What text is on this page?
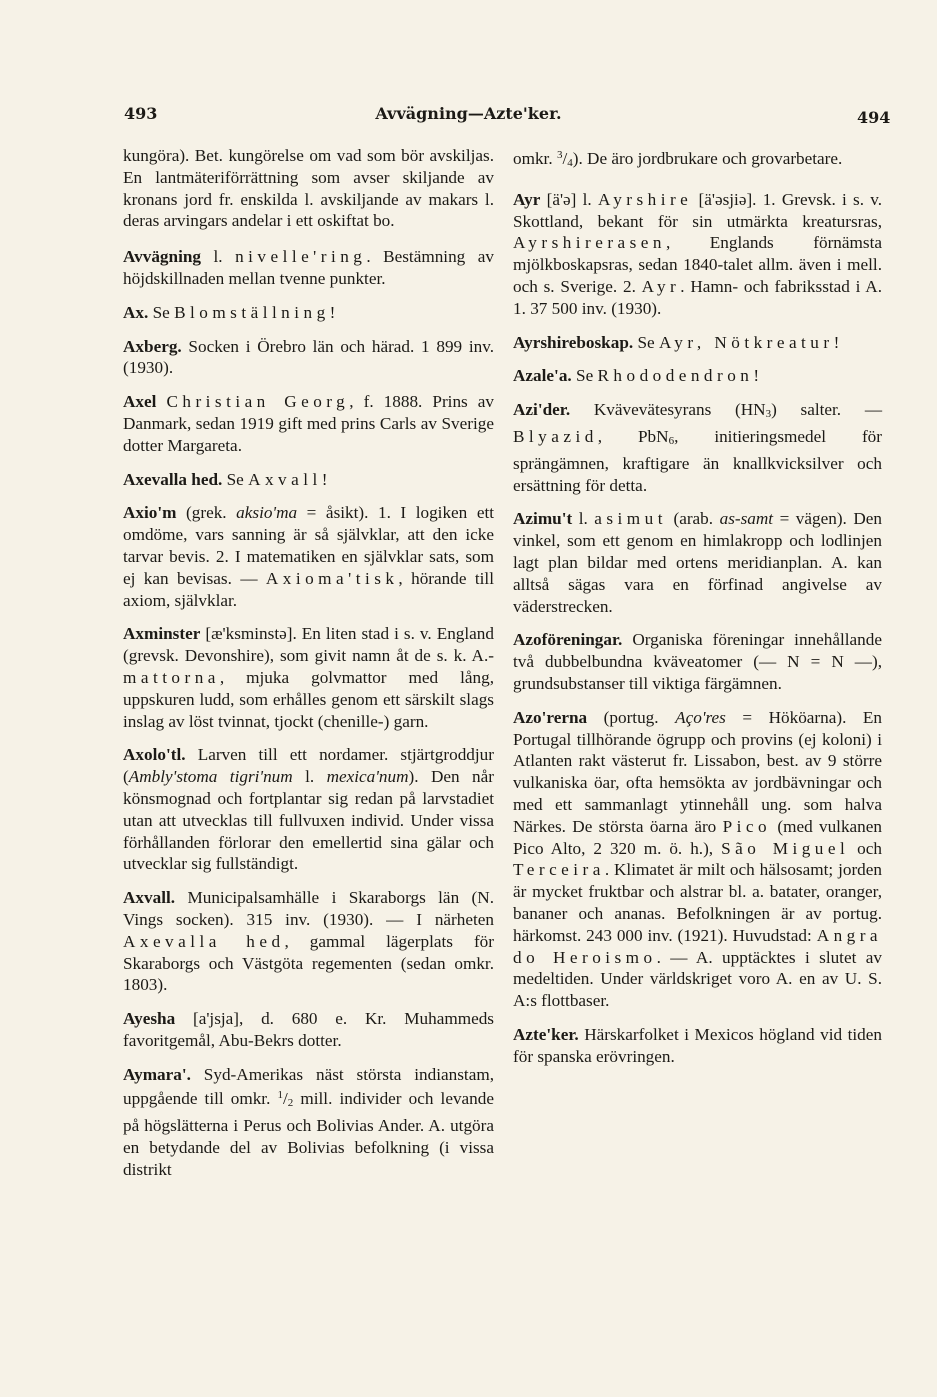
493	Avvägning—Azte'ker.	494

kungöra). Bet. kungörelse om vad som bör avskiljas. En lantmäteriförrättning som avser skiljande av kronans jord fr. enskilda l. avskiljande av makars l. deras arvingars andelar i ett oskiftat bo.

Avvägning l. nivelle'ring. Bestämning av höjdskillnaden mellan tvenne punkter.

Ax. Se Blomställning!

Axberg. Socken i Örebro län och härad. 1 899 inv. (1930).

Axel Christian Georg, f. 1888. Prins av Danmark, sedan 1919 gift med prins Carls av Sverige dotter Margareta.

Axevalla hed. Se Axvall!

Axio'm (grek. aksio'ma = åsikt). 1. I logiken ett omdöme, vars sanning är så självklar, att den icke tarvar bevis. 2. I matematiken en självklar sats, som ej kan bevisas. — Axioma'tisk, hörande till axiom, självklar.

Axminster [æ'ksminstə]. En liten stad i s. v. England (grevsk. Devonshire), som givit namn åt de s. k. A.-mattorna, mjuka golvmattor med lång, uppskuren ludd, som erhålles genom ett särskilt slags inslag av löst tvinnat, tjockt (chenille-) garn.

Axolo'tl. Larven till ett nordamer. stjärtgroddjur (Ambly'stoma tigri'num l. mexica'num). Den når könsmognad och fortplantar sig redan på larvstadiet utan att utvecklas till fullvuxen individ. Under vissa förhållanden förlorar den emellertid sina gälar och utvecklar sig fullständigt.

Axvall. Municipalsamhälle i Skaraborgs län (N. Vings socken). 315 inv. (1930). — I närheten Axevalla hed, gammal lägerplats för Skaraborgs och Västgöta regementen (sedan omkr. 1803).

Ayesha [a'jsja], d. 680 e. Kr. Muhammeds favoritgemål, Abu-Bekrs dotter.

Aymara'. Syd-Amerikas näst största indianstam, uppgående till omkr. $^1$/2 mill. individer och levande på högslätterna i Perus och Bolivias Ander. A. utgöra en betydande del av Bolivias befolkning (i vissa distrikt

omkr. $^3$/4). De äro jordbrukare och grovarbetare.

Ayr [ä'ə] l. Ayrshire [ä'əsjiə]. 1. Grevsk. i s. v. Skottland, bekant för sin utmärkta kreatursras, Ayrshirerasen, Englands förnämsta mjölkboskapsras, sedan 1840-talet allm. även i mell. och s. Sverige. 2. Ayr. Hamn- och fabriksstad i A. 1. 37 500 inv. (1930).

Ayrshireboskap. Se Ayr, Nötkreatur!

Azale'a. Se Rhododendron!

Azi'der. Kvävevätesyrans (HN3) salter. — Blyazid, PbN6, initieringsmedel för sprängämnen, kraftigare än knallkvicksilver och ersättning för detta.

Azimu't l. asimut (arab. as-samt = vägen). Den vinkel, som ett genom en himlakropp och lodlinjen lagt plan bildar med ortens meridianplan. A. kan alltså sägas vara en förfinad angivelse av väderstrecken.

Azoföreningar. Organiska föreningar innehållande två dubbelbundna kväveatomer (— N = N —), grundsubstanser till viktiga färgämnen.

Azo'rerna (portug. Aço'res = Hököarna). En Portugal tillhörande ögrupp och provins (ej koloni) i Atlanten rakt västerut fr. Lissabon, best. av 9 större vulkaniska öar, ofta hemsökta av jordbävningar och med ett sammanlagt ytinnehåll ung. som halva Närkes. De största öarna äro Pico (med vulkanen Pico Alto, 2 320 m. ö. h.), São Miguel och Terceira. Klimatet är milt och hälsosamt; jorden är mycket fruktbar och alstrar bl. a. batater, oranger, bananer och ananas. Befolkningen är av portug. härkomst. 243 000 inv. (1921). Huvudstad: Angra do Heroismo. — A. upptäcktes i slutet av medeltiden. Under världskriget voro A. en av U. S. A:s flottbaser.

Azte'ker. Härskarfolket i Mexicos högland vid tiden för spanska erövringen.
